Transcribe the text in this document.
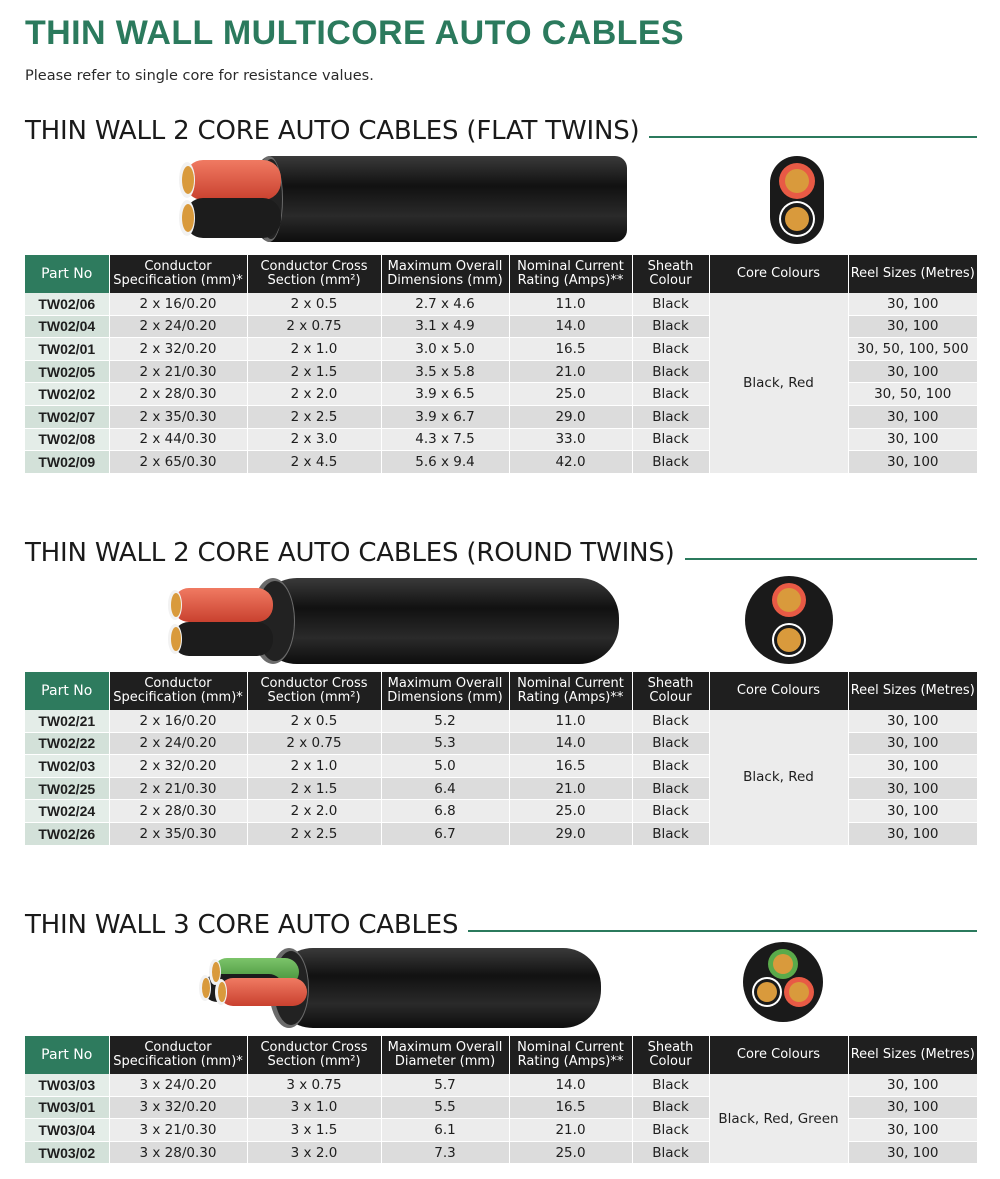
THIN WALL MULTICORE AUTO CABLES
Please refer to single core for resistance values.
THIN WALL 2 CORE AUTO CABLES (FLAT TWINS)
Part No	Conductor Specification (mm)*	Conductor Cross Section (mm²)	Maximum Overall Dimensions (mm)	Nominal Current Rating (Amps)**	Sheath Colour	Core Colours	Reel Sizes (Metres)
TW02/06	2 x 16/0.20	2 x 0.5	2.7 x 4.6	11.0	Black	Black, Red	30, 100
TW02/04	2 x 24/0.20	2 x 0.75	3.1 x 4.9	14.0	Black		30, 100
TW02/01	2 x 32/0.20	2 x 1.0	3.0 x 5.0	16.5	Black		30, 50, 100, 500
TW02/05	2 x 21/0.30	2 x 1.5	3.5 x 5.8	21.0	Black		30, 100
TW02/02	2 x 28/0.30	2 x 2.0	3.9 x 6.5	25.0	Black		30, 50, 100
TW02/07	2 x 35/0.30	2 x 2.5	3.9 x 6.7	29.0	Black		30, 100
TW02/08	2 x 44/0.30	2 x 3.0	4.3 x 7.5	33.0	Black		30, 100
TW02/09	2 x 65/0.30	2 x 4.5	5.6 x 9.4	42.0	Black		30, 100
THIN WALL 2 CORE AUTO CABLES (ROUND TWINS)
Part No	Conductor Specification (mm)*	Conductor Cross Section (mm²)	Maximum Overall Dimensions (mm)	Nominal Current Rating (Amps)**	Sheath Colour	Core Colours	Reel Sizes (Metres)
TW02/21	2 x 16/0.20	2 x 0.5	5.2	11.0	Black	Black, Red	30, 100
TW02/22	2 x 24/0.20	2 x 0.75	5.3	14.0	Black		30, 100
TW02/03	2 x 32/0.20	2 x 1.0	5.0	16.5	Black		30, 100
TW02/25	2 x 21/0.30	2 x 1.5	6.4	21.0	Black		30, 100
TW02/24	2 x 28/0.30	2 x 2.0	6.8	25.0	Black		30, 100
TW02/26	2 x 35/0.30	2 x 2.5	6.7	29.0	Black		30, 100
THIN WALL 3 CORE AUTO CABLES
Part No	Conductor Specification (mm)*	Conductor Cross Section (mm²)	Maximum Overall Diameter (mm)	Nominal Current Rating (Amps)**	Sheath Colour	Core Colours	Reel Sizes (Metres)
TW03/03	3 x 24/0.20	3 x 0.75	5.7	14.0	Black	Black, Red, Green	30, 100
TW03/01	3 x 32/0.20	3 x 1.0	5.5	16.5	Black		30, 100
TW03/04	3 x 21/0.30	3 x 1.5	6.1	21.0	Black		30, 100
TW03/02	3 x 28/0.30	3 x 2.0	7.3	25.0	Black		30, 100
